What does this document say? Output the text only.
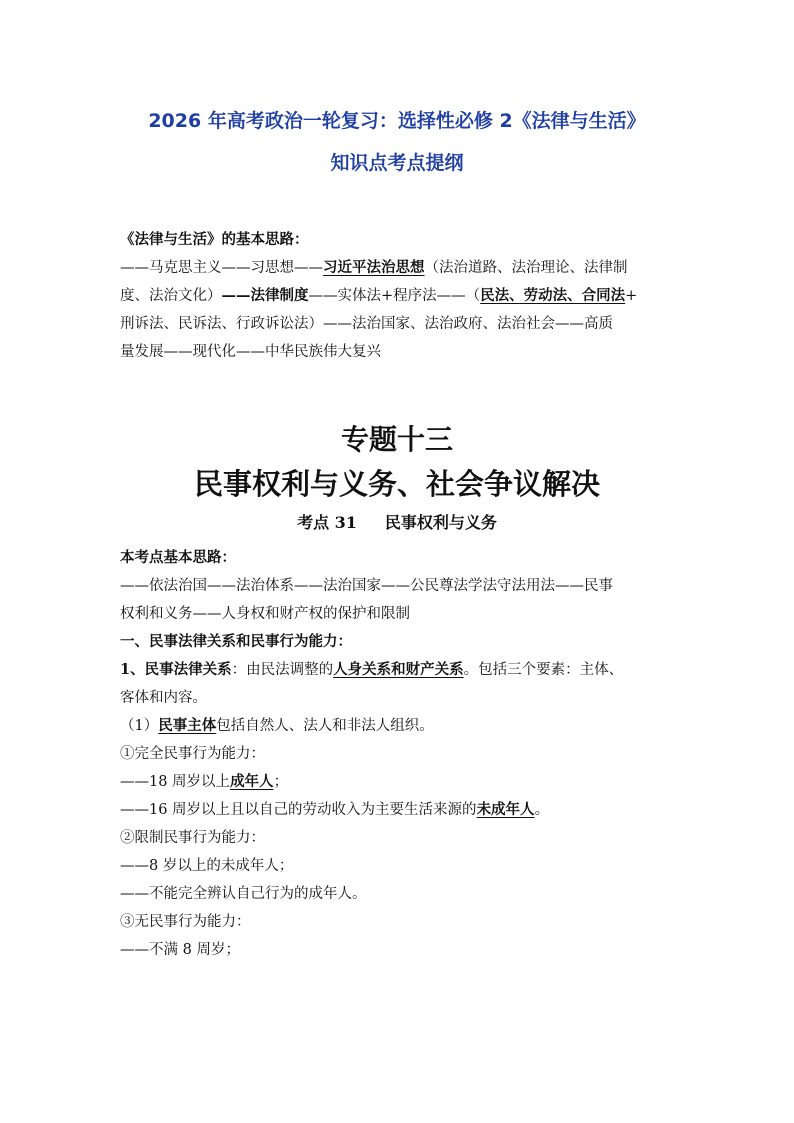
2026 年高考政治一轮复习：选择性必修 2《法律与生活》
知识点考点提纲
《法律与生活》的基本思路：
——马克思主义——习思想——习近平法治思想（法治道路、法治理论、法律制
度、法治文化）——法律制度——实体法+程序法——（民法、劳动法、合同法+
刑诉法、民诉法、行政诉讼法）——法治国家、法治政府、法治社会——高质
量发展——现代化——中华民族伟大复兴
专题十三
民事权利与义务、社会争议解决
考点 31 民事权利与义务
本考点基本思路：
——依法治国——法治体系——法治国家——公民尊法学法守法用法——民事
权利和义务——人身权和财产权的保护和限制
一、民事法律关系和民事行为能力：
1、民事法律关系：由民法调整的人身关系和财产关系。包括三个要素：主体、
客体和内容。
（1）民事主体包括自然人、法人和非法人组织。
①完全民事行为能力：
——18 周岁以上成年人；
——16 周岁以上且以自己的劳动收入为主要生活来源的未成年人。
②限制民事行为能力：
——8 岁以上的未成年人；
——不能完全辨认自己行为的成年人。
③无民事行为能力：
——不满 8 周岁；
